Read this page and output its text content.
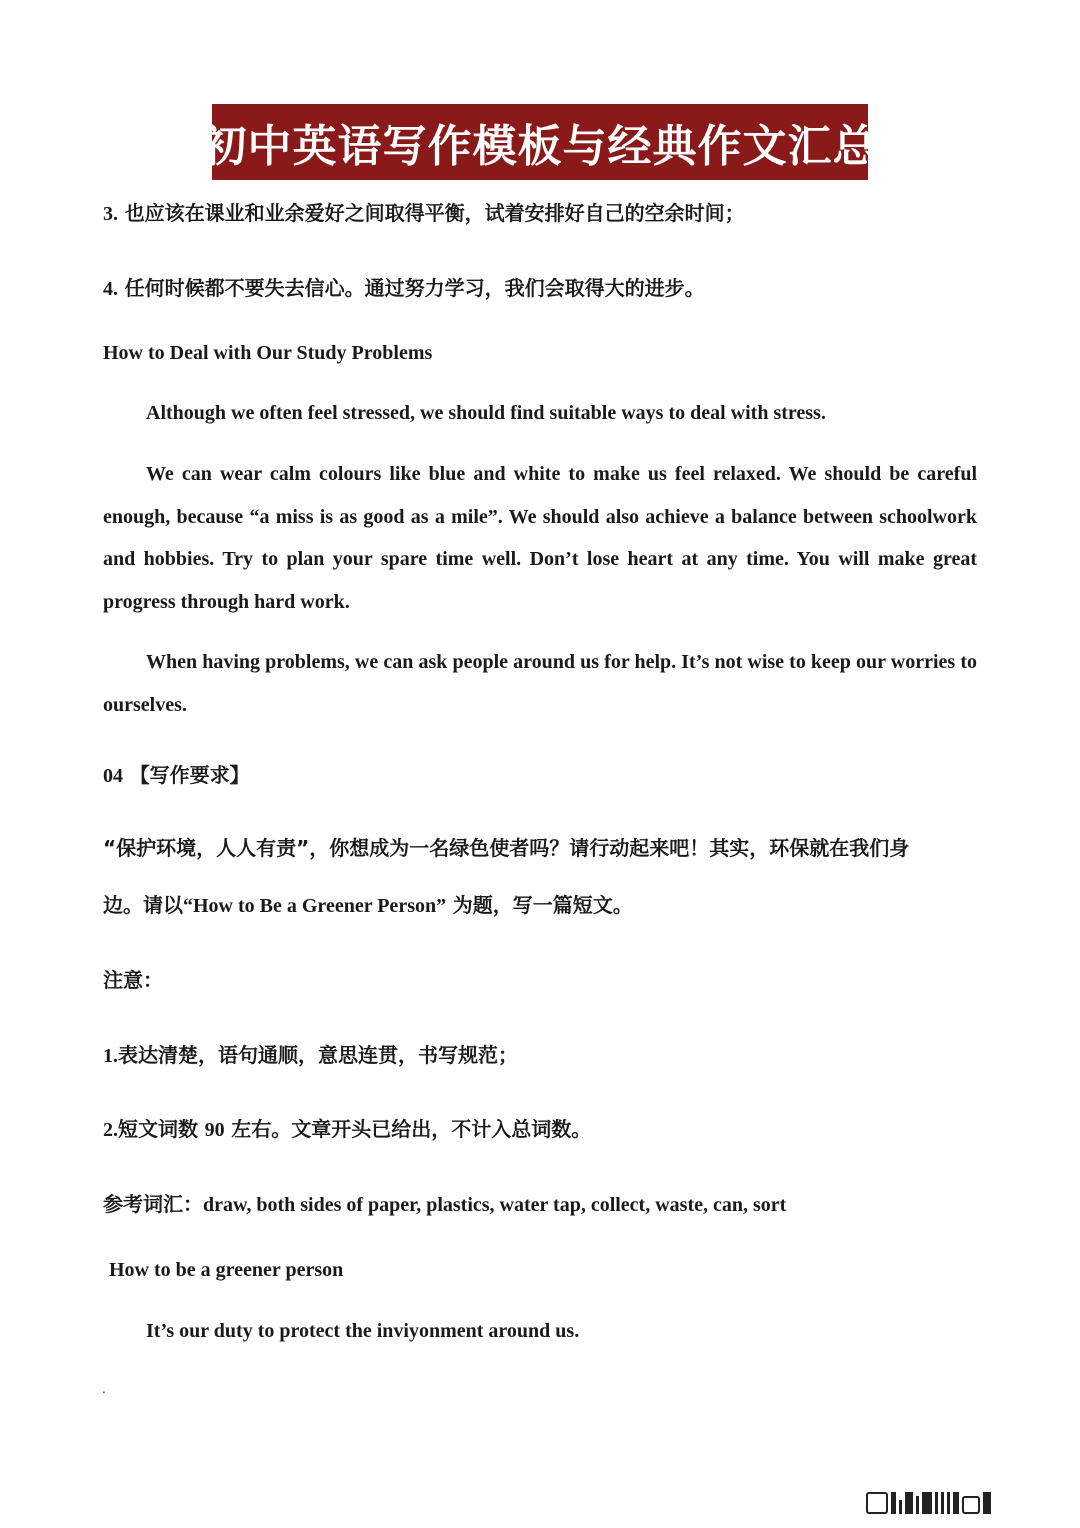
初中英语写作模板与经典作文汇总
3. 也应该在课业和业余爱好之间取得平衡，试着安排好自己的空余时间；
4. 任何时候都不要失去信心。通过努力学习，我们会取得大的进步。
How to Deal with Our Study Problems
Although we often feel stressed, we should find suitable ways to deal with stress.
We can wear calm colours like blue and white to make us feel relaxed. We should be careful enough, because “a miss is as good as a mile”. We should also achieve a balance between schoolwork and hobbies. Try to plan your spare time well. Don’t lose heart at any time. You will make great progress through hard work.
When having problems, we can ask people around us for help. It’s not wise to keep our worries to ourselves.
04 【写作要求】
“保护环境，人人有责”，你想成为一名绿色使者吗？请行动起来吧！其实，环保就在我们身
边。请以“How to Be a Greener Person” 为题，写一篇短文。
注意：
1.表达清楚，语句通顺，意思连贯，书写规范；
2.短文词数 90 左右。文章开头已给出，不计入总词数。
参考词汇：draw, both sides of paper, plastics, water tap, collect, waste, can, sort
How to be a greener person
It’s our duty to protect the inviyonment around us.
.
